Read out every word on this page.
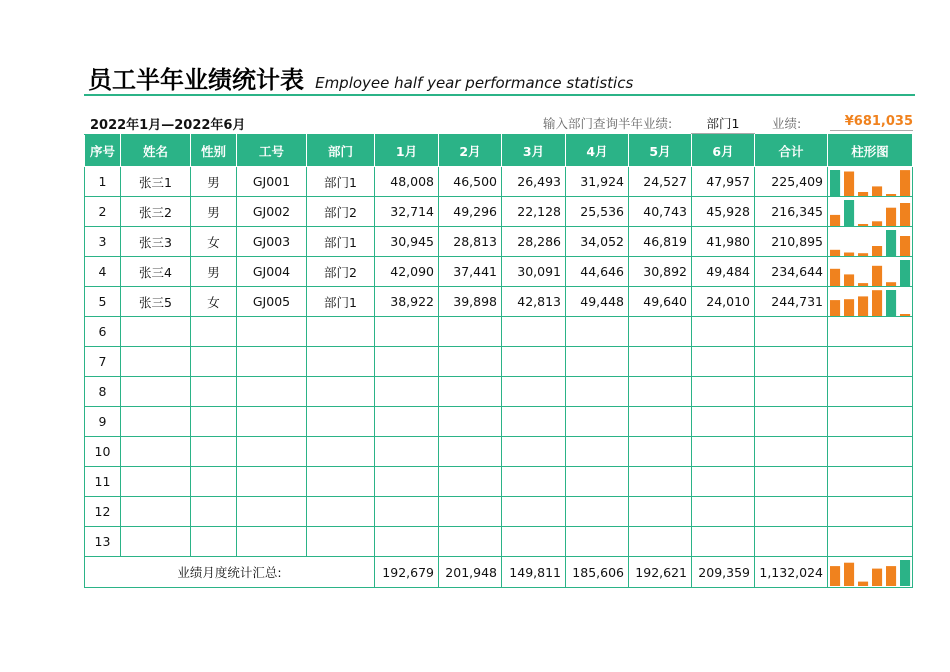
员工半年业绩统计表 Employee half year performance statistics
2022年1月—2022年6月	输入部门查询半年业绩:	部门1	业绩:	¥681,035
序号	姓名	性别	工号	部门	1月	2月	3月	4月	5月	6月	合计	柱形图
1	张三1	男	GJ001	部门1	48,008	46,500	26,493	31,924	24,527	47,957	225,409	

2	张三2	男	GJ002	部门2	32,714	49,296	22,128	25,536	40,743	45,928	216,345	

3	张三3	女	GJ003	部门1	30,945	28,813	28,286	34,052	46,819	41,980	210,895	

4	张三4	男	GJ004	部门2	42,090	37,441	30,091	44,646	30,892	49,484	234,644	

5	张三5	女	GJ005	部门1	38,922	39,898	42,813	49,448	49,640	24,010	244,731	

6												
7												
8												
9												
10												
11												
12												
13												
业绩月度统计汇总:					192,679	201,948	149,811	185,606	192,621	209,359	1,132,024	
